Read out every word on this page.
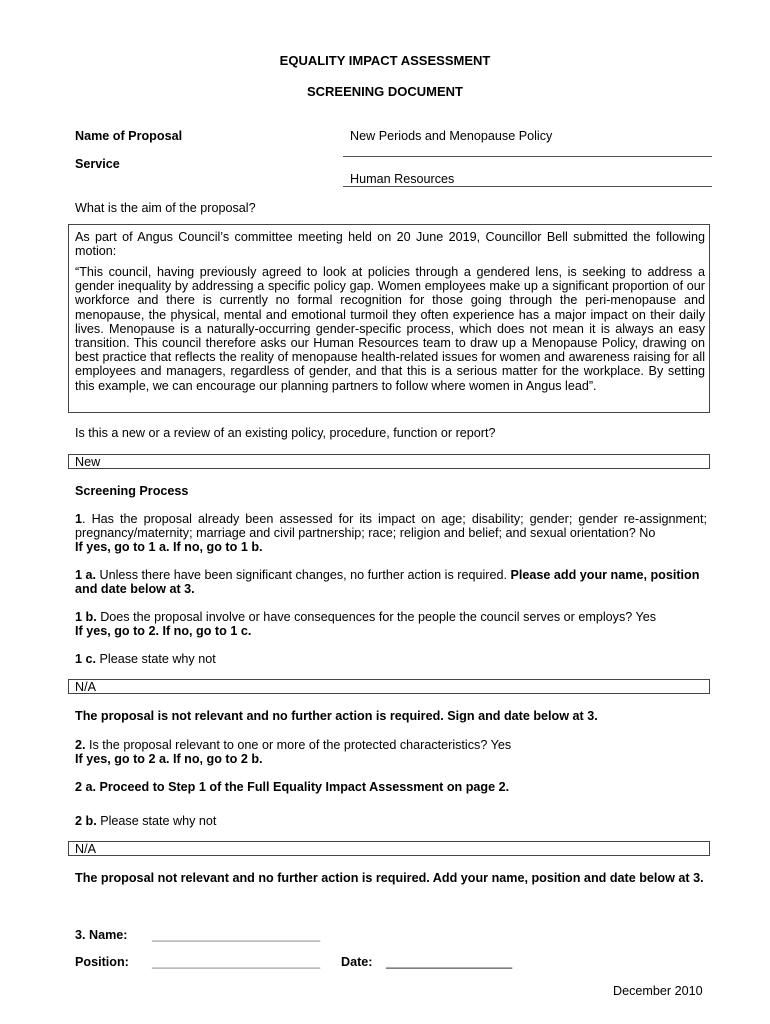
EQUALITY IMPACT ASSESSMENT
SCREENING DOCUMENT
Name of Proposal	New Periods and Menopause Policy
Service
Human Resources
What is the aim of the proposal?
As part of Angus Council’s committee meeting held on 20 June 2019, Councillor Bell submitted the following motion:
“This council, having previously agreed to look at policies through a gendered lens, is seeking to address a gender inequality by addressing a specific policy gap. Women employees make up a significant proportion of our workforce and there is currently no formal recognition for those going through the peri-menopause and menopause, the physical, mental and emotional turmoil they often experience has a major impact on their daily lives. Menopause is a naturally-occurring gender-specific process, which does not mean it is always an easy transition. This council therefore asks our Human Resources team to draw up a Menopause Policy, drawing on best practice that reflects the reality of menopause health-related issues for women and awareness raising for all employees and managers, regardless of gender, and that this is a serious matter for the workplace. By setting this example, we can encourage our planning partners to follow where women in Angus lead”.
Is this a new or a review of an existing policy, procedure, function or report?
New
Screening Process
1. Has the proposal already been assessed for its impact on age; disability; gender; gender re-assignment; pregnancy/maternity; marriage and civil partnership; race; religion and belief; and sexual orientation? No
If yes, go to 1 a. If no, go to 1 b.
1 a. Unless there have been significant changes, no further action is required. Please add your name, position and date below at 3.
1 b. Does the proposal involve or have consequences for the people the council serves or employs? Yes
If yes, go to 2. If no, go to 1 c.
1 c. Please state why not
N/A
The proposal is not relevant and no further action is required. Sign and date below at 3.
2. Is the proposal relevant to one or more of the protected characteristics? Yes
If yes, go to 2 a. If no, go to 2 b.
2 a. Proceed to Step 1 of the Full Equality Impact Assessment on page 2.
2 b. Please state why not
N/A
The proposal not relevant and no further action is required. Add your name, position and date below at 3.
3. Name: ________________________
Position: ________________________ Date: __________________
December 2010
